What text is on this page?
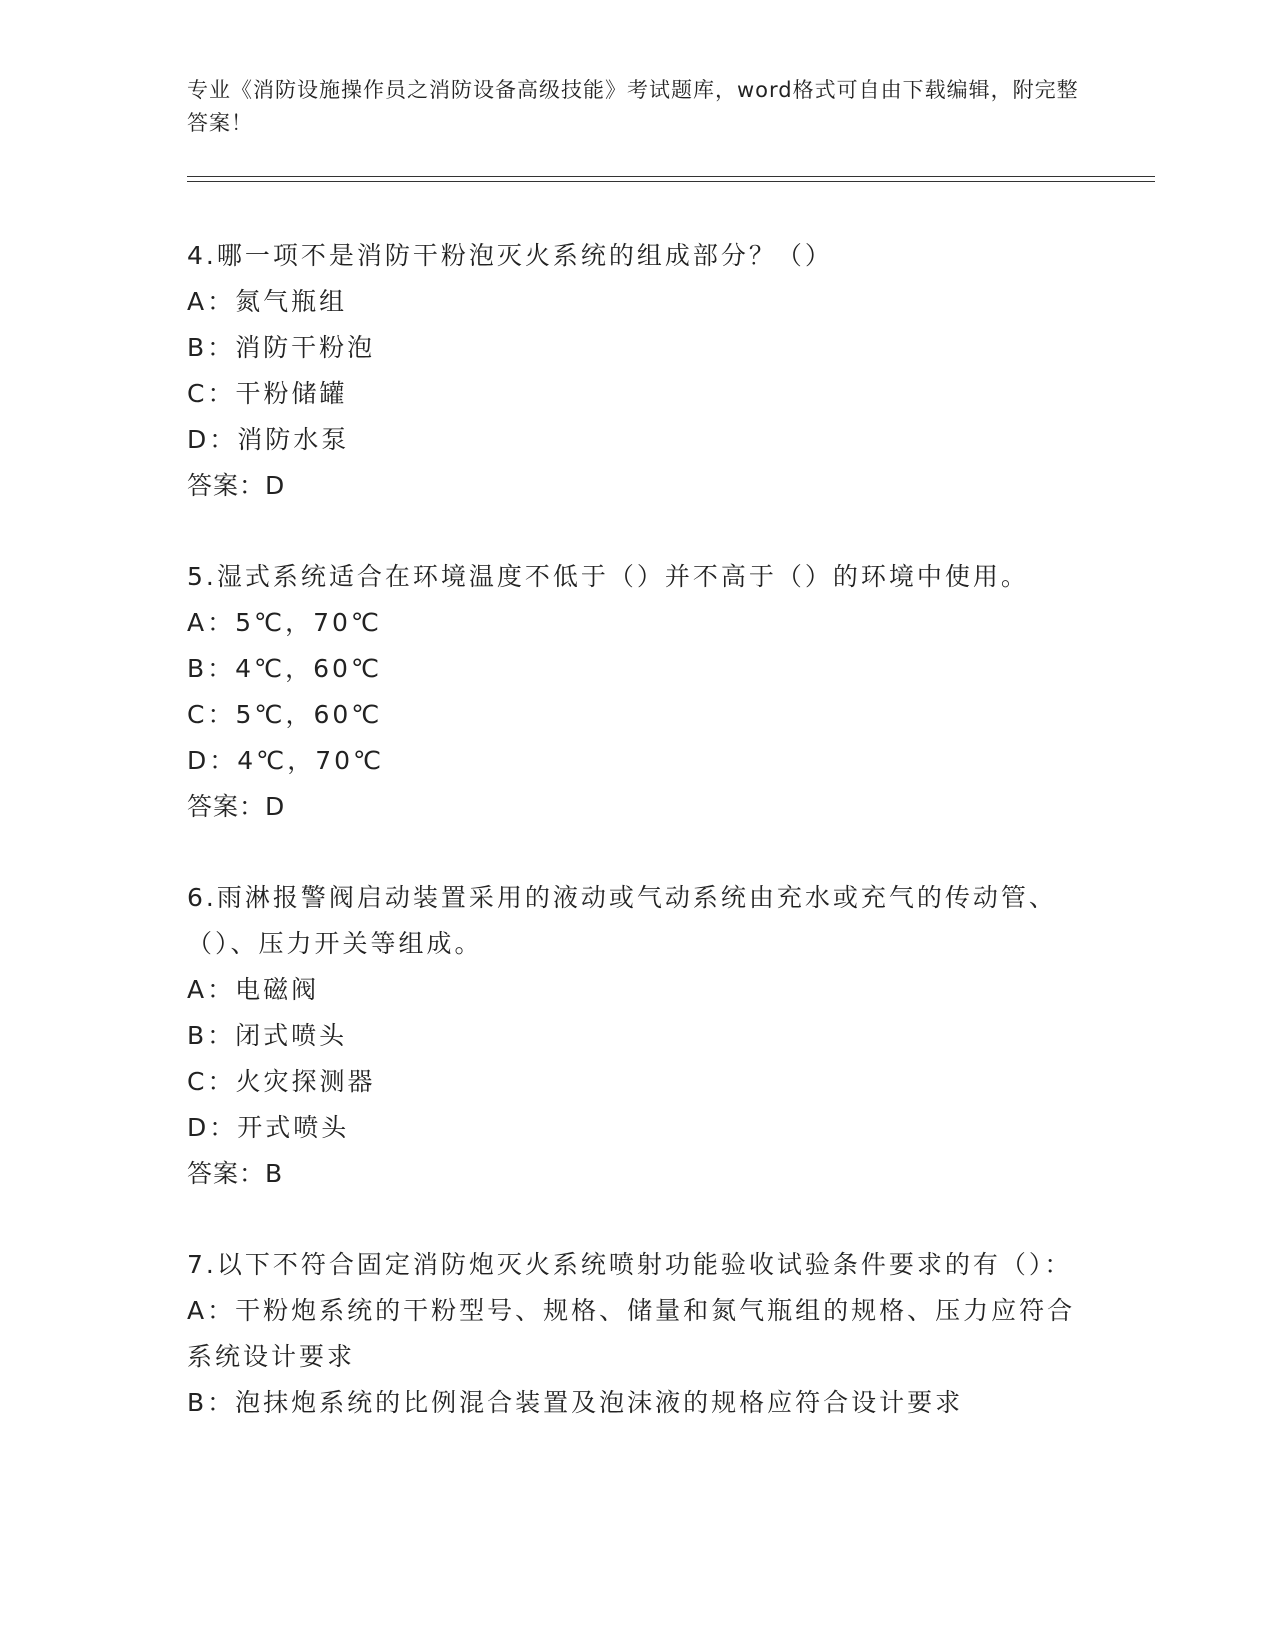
专业《消防设施操作员之消防设备高级技能》考试题库，word格式可自由下载编辑，附完整答案！

4.哪一项不是消防干粉泡灭火系统的组成部分？（）

A：氮气瓶组

B：消防干粉泡

C：干粉储罐

D：消防水泵

答案：D

5.湿式系统适合在环境温度不低于（）并不高于（）的环境中使用。

A：5℃，70℃

B：4℃，60℃

C：5℃，60℃

D：4℃，70℃

答案：D

6.雨淋报警阀启动装置采用的液动或气动系统由充水或充气的传动管、（）、压力开关等组成。

A：电磁阀

B：闭式喷头

C：火灾探测器

D：开式喷头

答案：B

7.以下不符合固定消防炮灭火系统喷射功能验收试验条件要求的有（）：

A：干粉炮系统的干粉型号、规格、储量和氮气瓶组的规格、压力应符合系统设计要求

B：泡抹炮系统的比例混合装置及泡沫液的规格应符合设计要求
